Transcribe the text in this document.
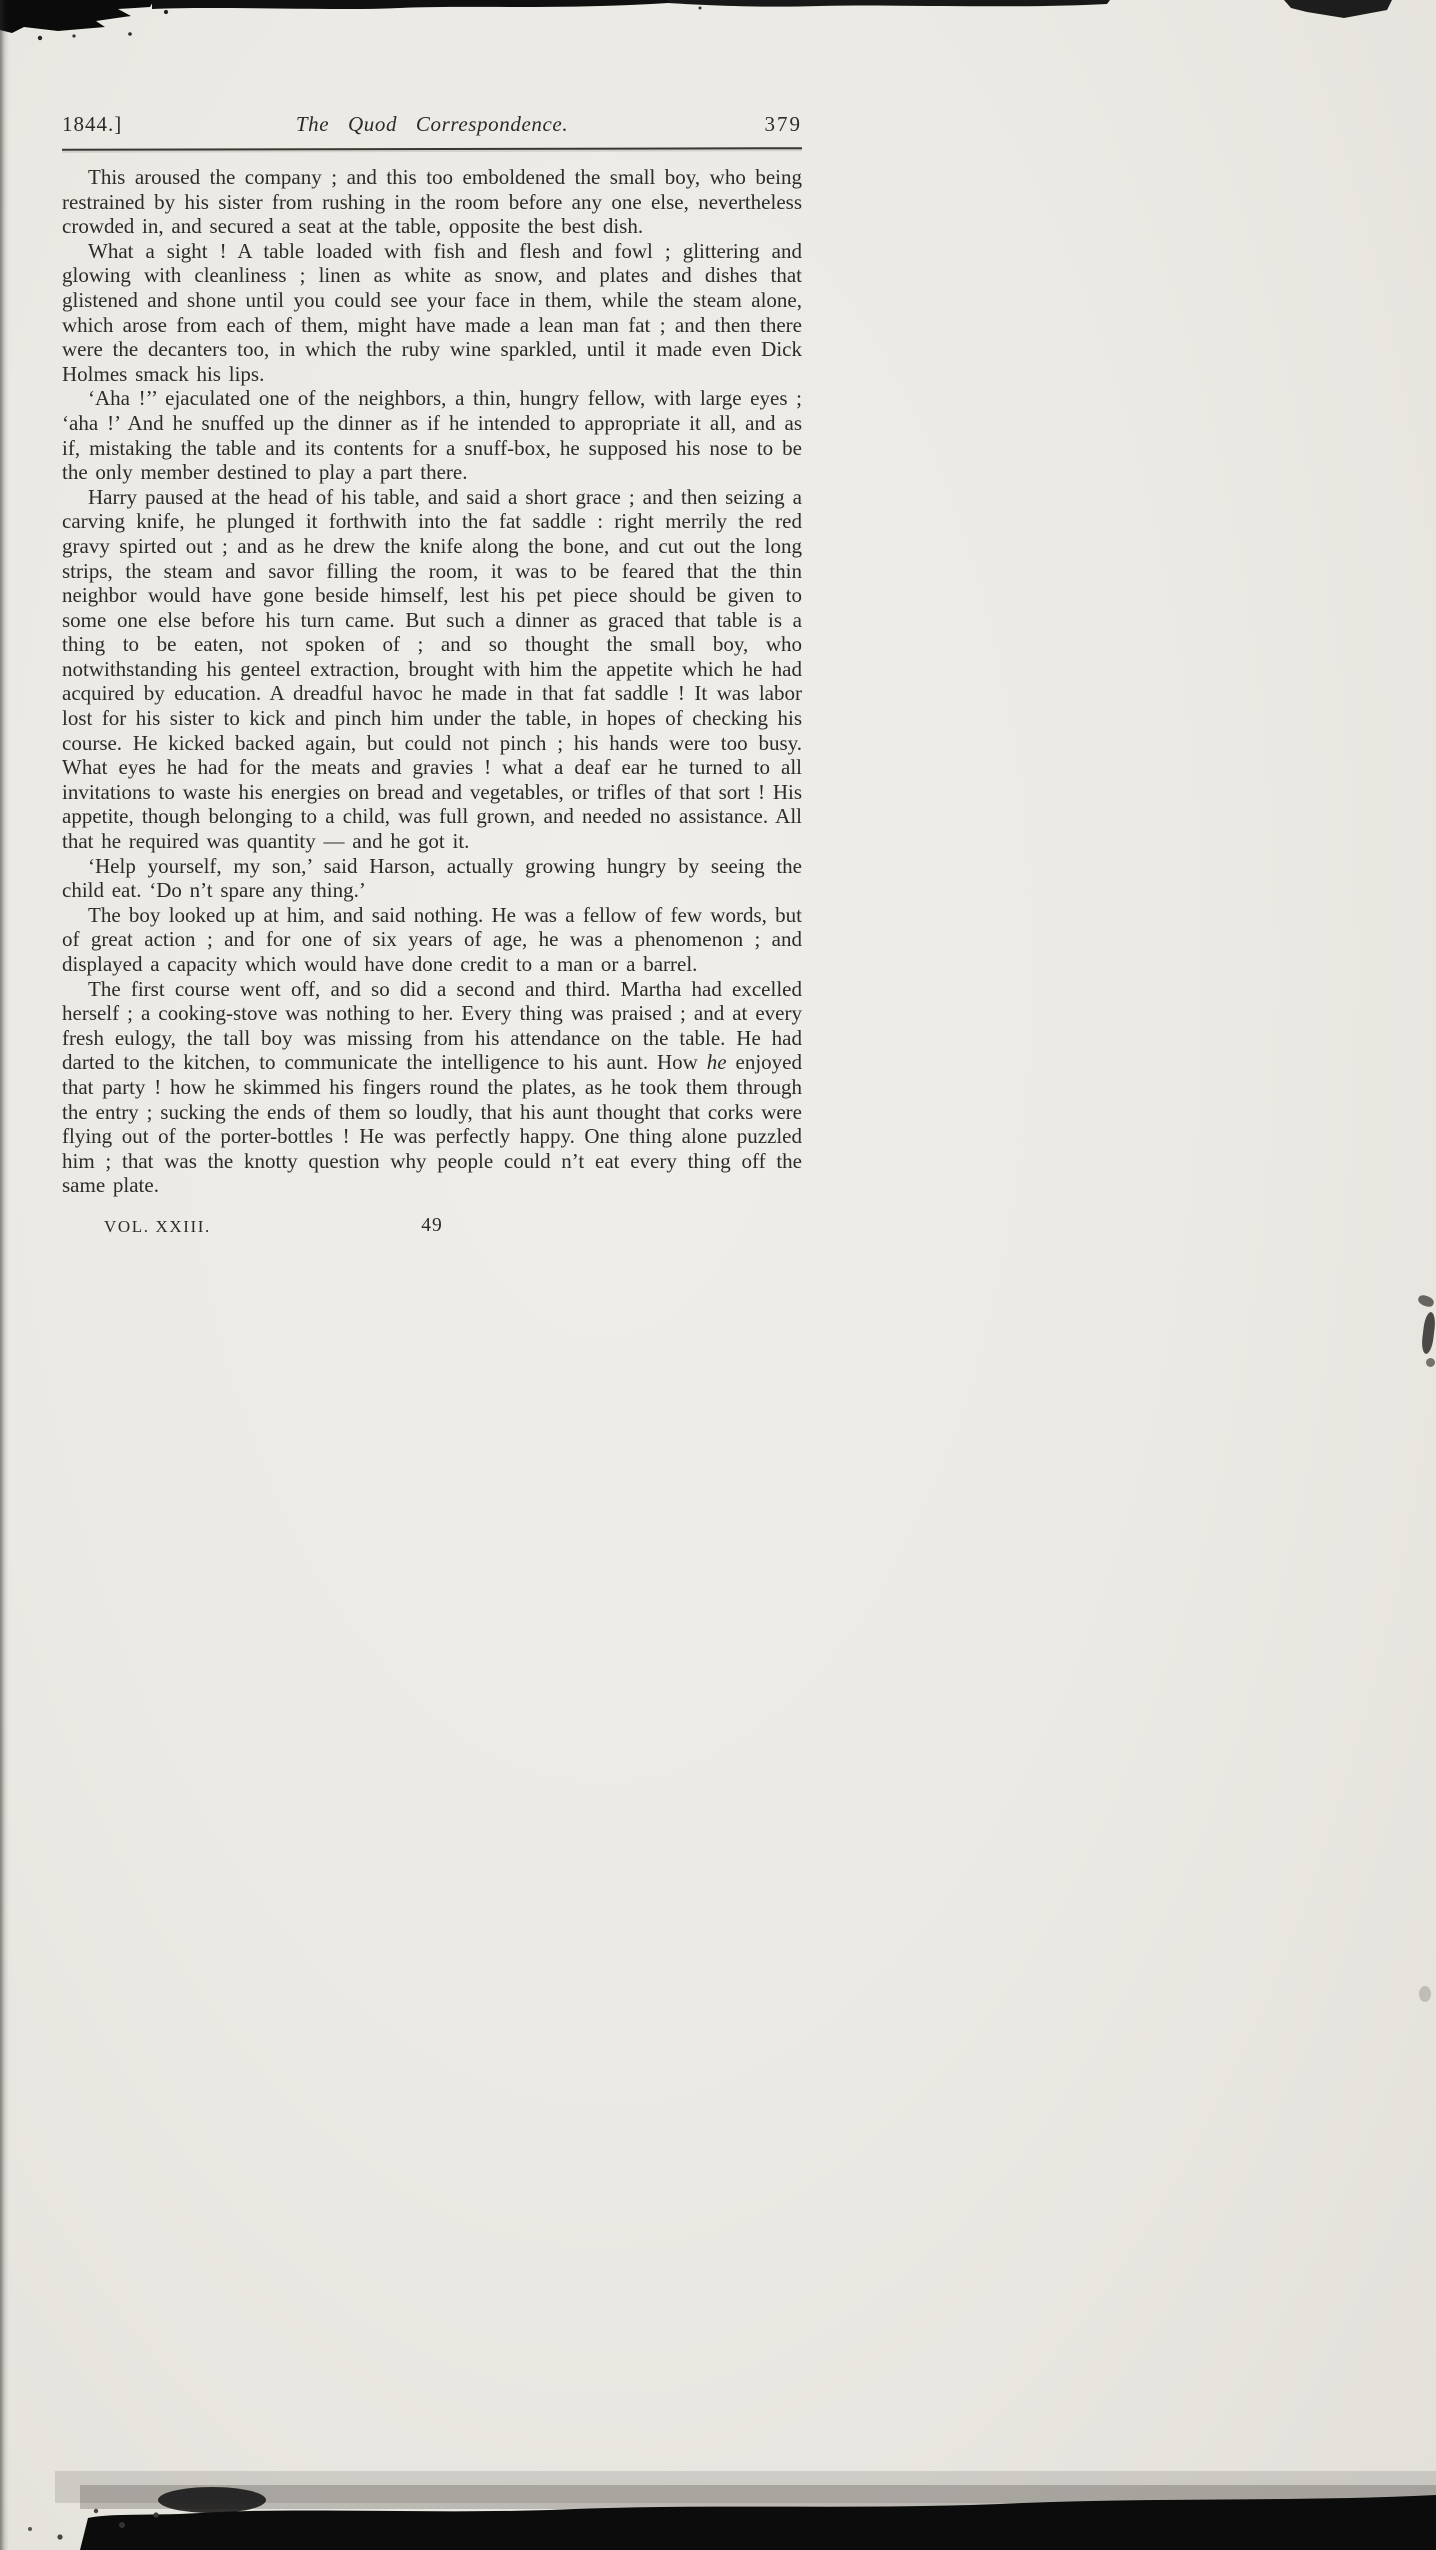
1844.]	The Quod Correspondence.	379

This aroused the company ; and this too emboldened the small boy, who being restrained by his sister from rushing in the room before any one else, nevertheless crowded in, and secured a seat at the table, opposite the best dish.

What a sight ! A table loaded with fish and flesh and fowl ; glittering and glowing with cleanliness ; linen as white as snow, and plates and dishes that glistened and shone until you could see your face in them, while the steam alone, which arose from each of them, might have made a lean man fat ; and then there were the decanters too, in which the ruby wine sparkled, until it made even Dick Holmes smack his lips.

‘Aha !’’ ejaculated one of the neighbors, a thin, hungry fellow, with large eyes ; ‘aha !’ And he snuffed up the dinner as if he intended to appropriate it all, and as if, mistaking the table and its contents for a snuff-box, he supposed his nose to be the only member destined to play a part there.

Harry paused at the head of his table, and said a short grace ; and then seizing a carving knife, he plunged it forthwith into the fat saddle : right merrily the red gravy spirted out ; and as he drew the knife along the bone, and cut out the long strips, the steam and savor filling the room, it was to be feared that the thin neighbor would have gone beside himself, lest his pet piece should be given to some one else before his turn came. But such a dinner as graced that table is a thing to be eaten, not spoken of ; and so thought the small boy, who notwithstanding his genteel extraction, brought with him the appetite which he had acquired by education. A dreadful havoc he made in that fat saddle ! It was labor lost for his sister to kick and pinch him under the table, in hopes of checking his course. He kicked backed again, but could not pinch ; his hands were too busy. What eyes he had for the meats and gravies ! what a deaf ear he turned to all invitations to waste his energies on bread and vegetables, or trifles of that sort ! His appetite, though belonging to a child, was full grown, and needed no assistance. All that he required was quantity — and he got it.

‘Help yourself, my son,’ said Harson, actually growing hungry by seeing the child eat. ‘Do n’t spare any thing.’

The boy looked up at him, and said nothing. He was a fellow of few words, but of great action ; and for one of six years of age, he was a phenomenon ; and displayed a capacity which would have done credit to a man or a barrel.

The first course went off, and so did a second and third. Martha had excelled herself ; a cooking-stove was nothing to her. Every thing was praised ; and at every fresh eulogy, the tall boy was missing from his attendance on the table. He had darted to the kitchen, to communicate the intelligence to his aunt. How he enjoyed that party ! how he skimmed his fingers round the plates, as he took them through the entry ; sucking the ends of them so loudly, that his aunt thought that corks were flying out of the porter-bottles ! He was perfectly happy. One thing alone puzzled him ; that was the knotty question why people could n’t eat every thing off the same plate.

VOL. XXIII.	49
